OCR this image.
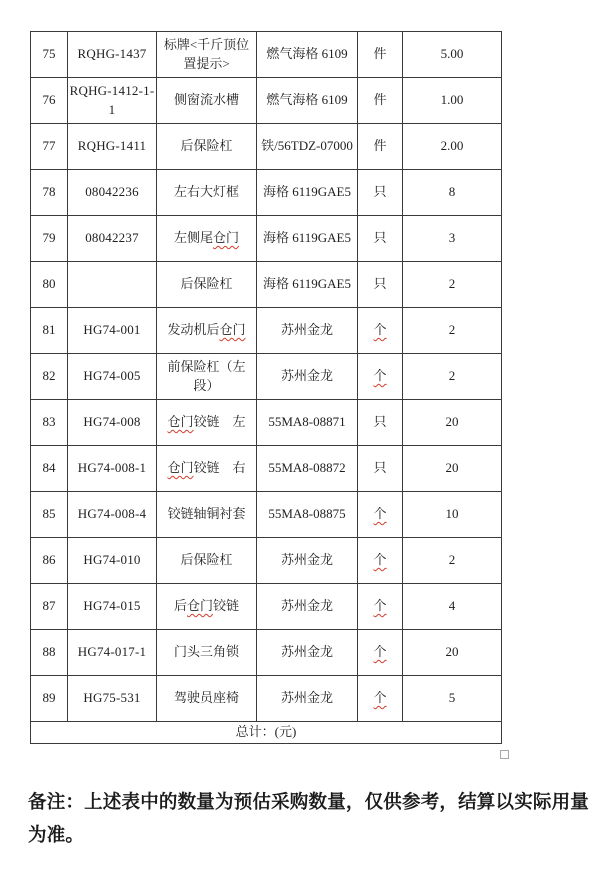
75	RQHG-1437	标牌<千斤顶位置提示>	燃气海格 6109	件	5.00
76	RQHG-1412-1-1	侧窗流水槽	燃气海格 6109	件	1.00
77	RQHG-1411	后保险杠	铁/56TDZ-07000	件	2.00
78	08042236	左右大灯框	海格 6119GAE5	只	8
79	08042237	左侧尾仓门	海格 6119GAE5	只	3
80		后保险杠	海格 6119GAE5	只	2
81	HG74-001	发动机后仓门	苏州金龙	个	2
82	HG74-005	前保险杠（左段）	苏州金龙	个	2
83	HG74-008	仓门铰链　左	55MA8-08871	只	20
84	HG74-008-1	仓门铰链　右	55MA8-08872	只	20
85	HG74-008-4	铰链轴铜衬套	55MA8-08875	个	10
86	HG74-010	后保险杠	苏州金龙	个	2
87	HG74-015	后仓门铰链	苏州金龙	个	4
88	HG74-017-1	门头三角锁	苏州金龙	个	20
89	HG75-531	驾驶员座椅	苏州金龙	个	5
总计：(元)					

备注：上述表中的数量为预估采购数量，仅供参考，结算以实际用量为准。
